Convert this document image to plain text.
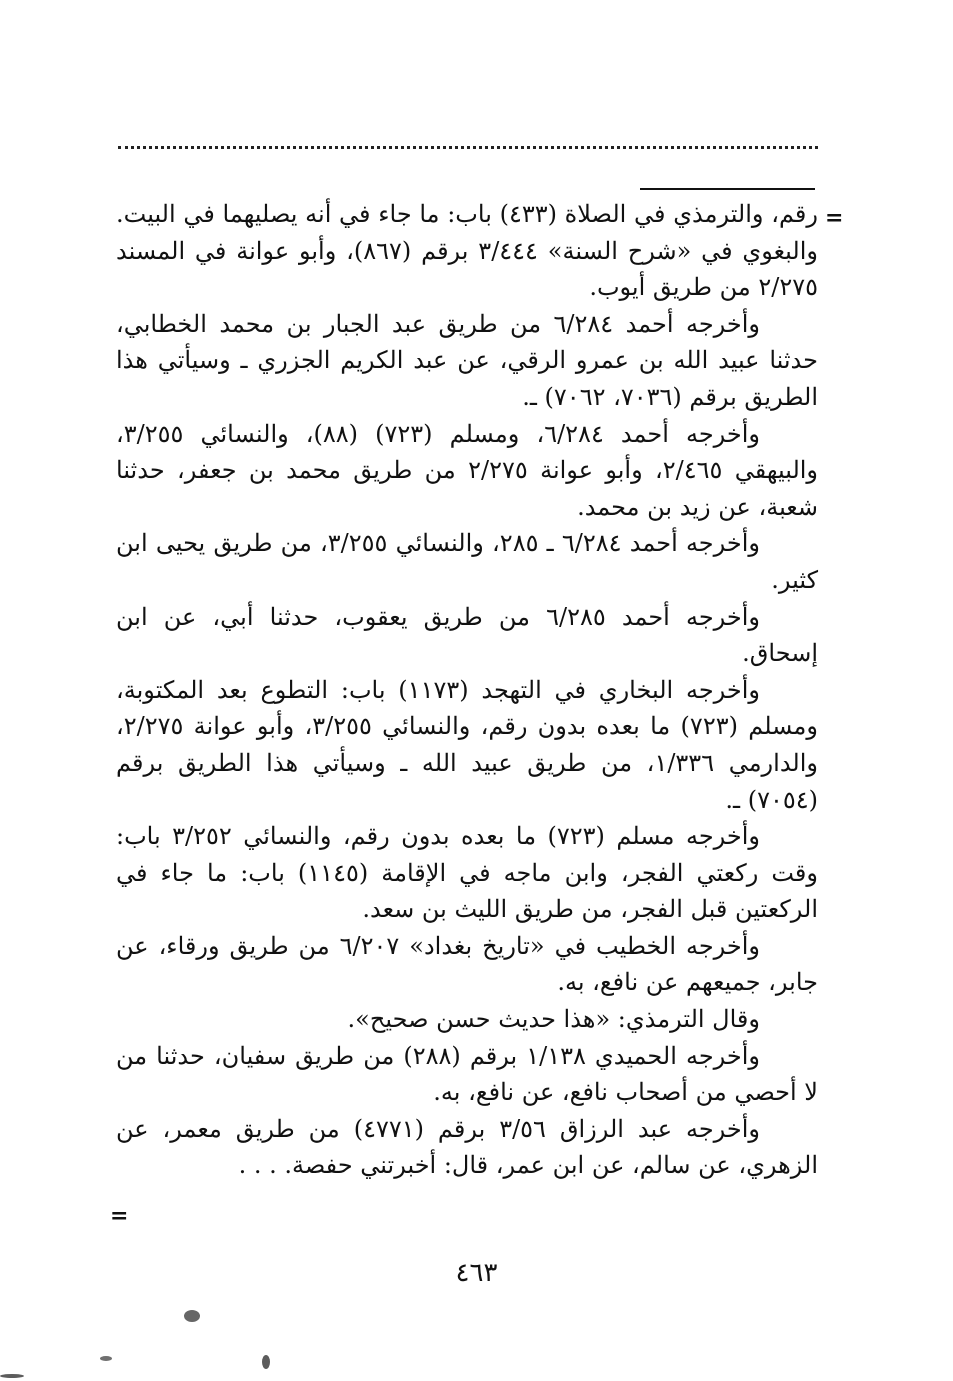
=

رقم، والترمذي في الصلاة (٤٣٣) باب: ما جاء في أنه يصليهما في البيت. والبغوي في «شرح السنة» ٣/٤٤٤ برقم (٨٦٧)، وأبو عوانة في المسند ٢/٢٧٥ من طريق أيوب.

وأخرجه أحمد ٦/٢٨٤ من طريق عبد الجبار بن محمد الخطابي، حدثنا عبيد الله بن عمرو الرقي، عن عبد الكريم الجزري ـ وسيأتي هذا الطريق برقم (٧٠٣٦، ٧٠٦٢) ـ.

وأخرجه أحمد ٦/٢٨٤، ومسلم (٧٢٣) (٨٨)، والنسائي ٣/٢٥٥، والبيهقي ٢/٤٦٥، وأبو عوانة ٢/٢٧٥ من طريق محمد بن جعفر، حدثنا شعبة، عن زيد بن محمد.

وأخرجه أحمد ٦/٢٨٤ ـ ٢٨٥، والنسائي ٣/٢٥٥، من طريق يحيى ابن كثير.

وأخرجه أحمد ٦/٢٨٥ من طريق يعقوب، حدثنا أبي، عن ابن إسحاق.

وأخرجه البخاري في التهجد (١١٧٣) باب: التطوع بعد المكتوبة، ومسلم (٧٢٣) ما بعده بدون رقم، والنسائي ٣/٢٥٥، وأبو عوانة ٢/٢٧٥، والدارمي ١/٣٣٦، من طريق عبيد الله ـ وسيأتي هذا الطريق برقم (٧٠٥٤) ـ.

وأخرجه مسلم (٧٢٣) ما بعده بدون رقم، والنسائي ٣/٢٥٢ باب: وقت ركعتي الفجر، وابن ماجه في الإقامة (١١٤٥) باب: ما جاء في الركعتين قبل الفجر، من طريق الليث بن سعد.

وأخرجه الخطيب في «تاريخ بغداد» ٦/٢٠٧ من طريق ورقاء، عن جابر، جميعهم عن نافع، به.

وقال الترمذي: «هذا حديث حسن صحيح».

وأخرجه الحميدي ١/١٣٨ برقم (٢٨٨) من طريق سفيان، حدثنا من لا أحصي من أصحاب نافع، عن نافع، به.

وأخرجه عبد الرزاق ٣/٥٦ برقم (٤٧٧١) من طريق معمر، عن الزهري، عن سالم، عن ابن عمر، قال: أخبرتني حفصة. . . .

=
٤٦٣
